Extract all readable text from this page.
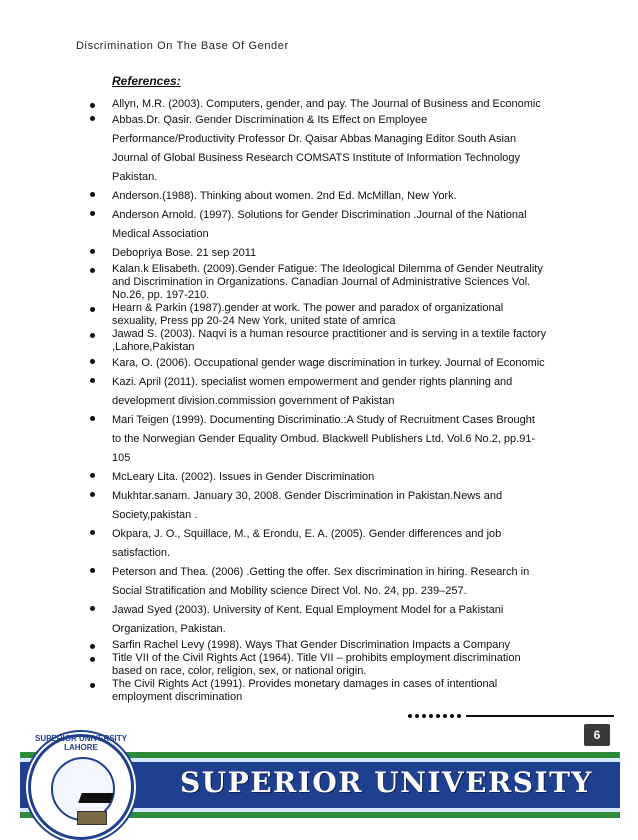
Discrimination On The Base Of Gender
References:
Allyn, M.R. (2003). Computers, gender, and pay. The Journal of Business and Economic
Abbas.Dr. Qasir. Gender Discrimination & Its Effect on Employee
Performance/Productivity Professor Dr. Qaisar Abbas Managing Editor South Asian
Journal of Global Business Research COMSATS Institute of Information Technology
Pakistan.
Anderson.(1988). Thinking about women. 2nd Ed. McMillan, New York.
Anderson Arnold. (1997). Solutions for Gender Discrimination .Journal of the National
Medical Association
Debopriya Bose. 21 sep 2011
Kalan.k Elisabeth. (2009).Gender Fatigue: The Ideological Dilemma of Gender Neutrality
and Discrimination in Organizations. Canadian Journal of Administrative Sciences Vol.
No.26, pp. 197-210.
Hearn & Parkin (1987).gender at work. The power and paradox of organizational
sexuality, Press pp 20-24 New York, united state of amrica
Jawad S. (2003). Naqvi is a human resource practitioner and is serving in a textile factory
,Lahore,Pakistan
Kara, O. (2006). Occupational gender wage discrimination in turkey. Journal of Economic
Kazi. April (2011). specialist women empowerment and gender rights planning and
development division.commission government of Pakistan
Mari Teigen (1999). Documenting Discriminatio.:A Study of Recruitment Cases Brought
to the Norwegian Gender Equality Ombud. Blackwell Publishers Ltd. Vol.6 No.2, pp.91-
105
McLeary Lita. (2002). Issues in Gender Discrimination
Mukhtar.sanam. January 30, 2008. Gender Discrimination in Pakistan.News and
Society,pakistan .
Okpara, J. O., Squillace, M., & Erondu, E. A. (2005). Gender differences and job
satisfaction.
Peterson and Thea. (2006) .Getting the offer. Sex discrimination in hiring. Research in
Social Stratification and Mobility science Direct Vol. No. 24, pp. 239–257.
Jawad Syed (2003). University of Kent. Equal Employment Model for a Pakistani
Organization, Pakistan.
Sarfin Rachel Levy (1998). Ways That Gender Discrimination Impacts a Company
Title VII of the Civil Rights Act (1964). Title VII – prohibits employment discrimination
based on race, color, religion, sex, or national origin.
The Civil Rights Act (1991). Provides monetary damages in cases of intentional
employment discrimination
6
SUPERIOR UNIVERSITY LAHORE
SUPERIOR UNIVERSITY
